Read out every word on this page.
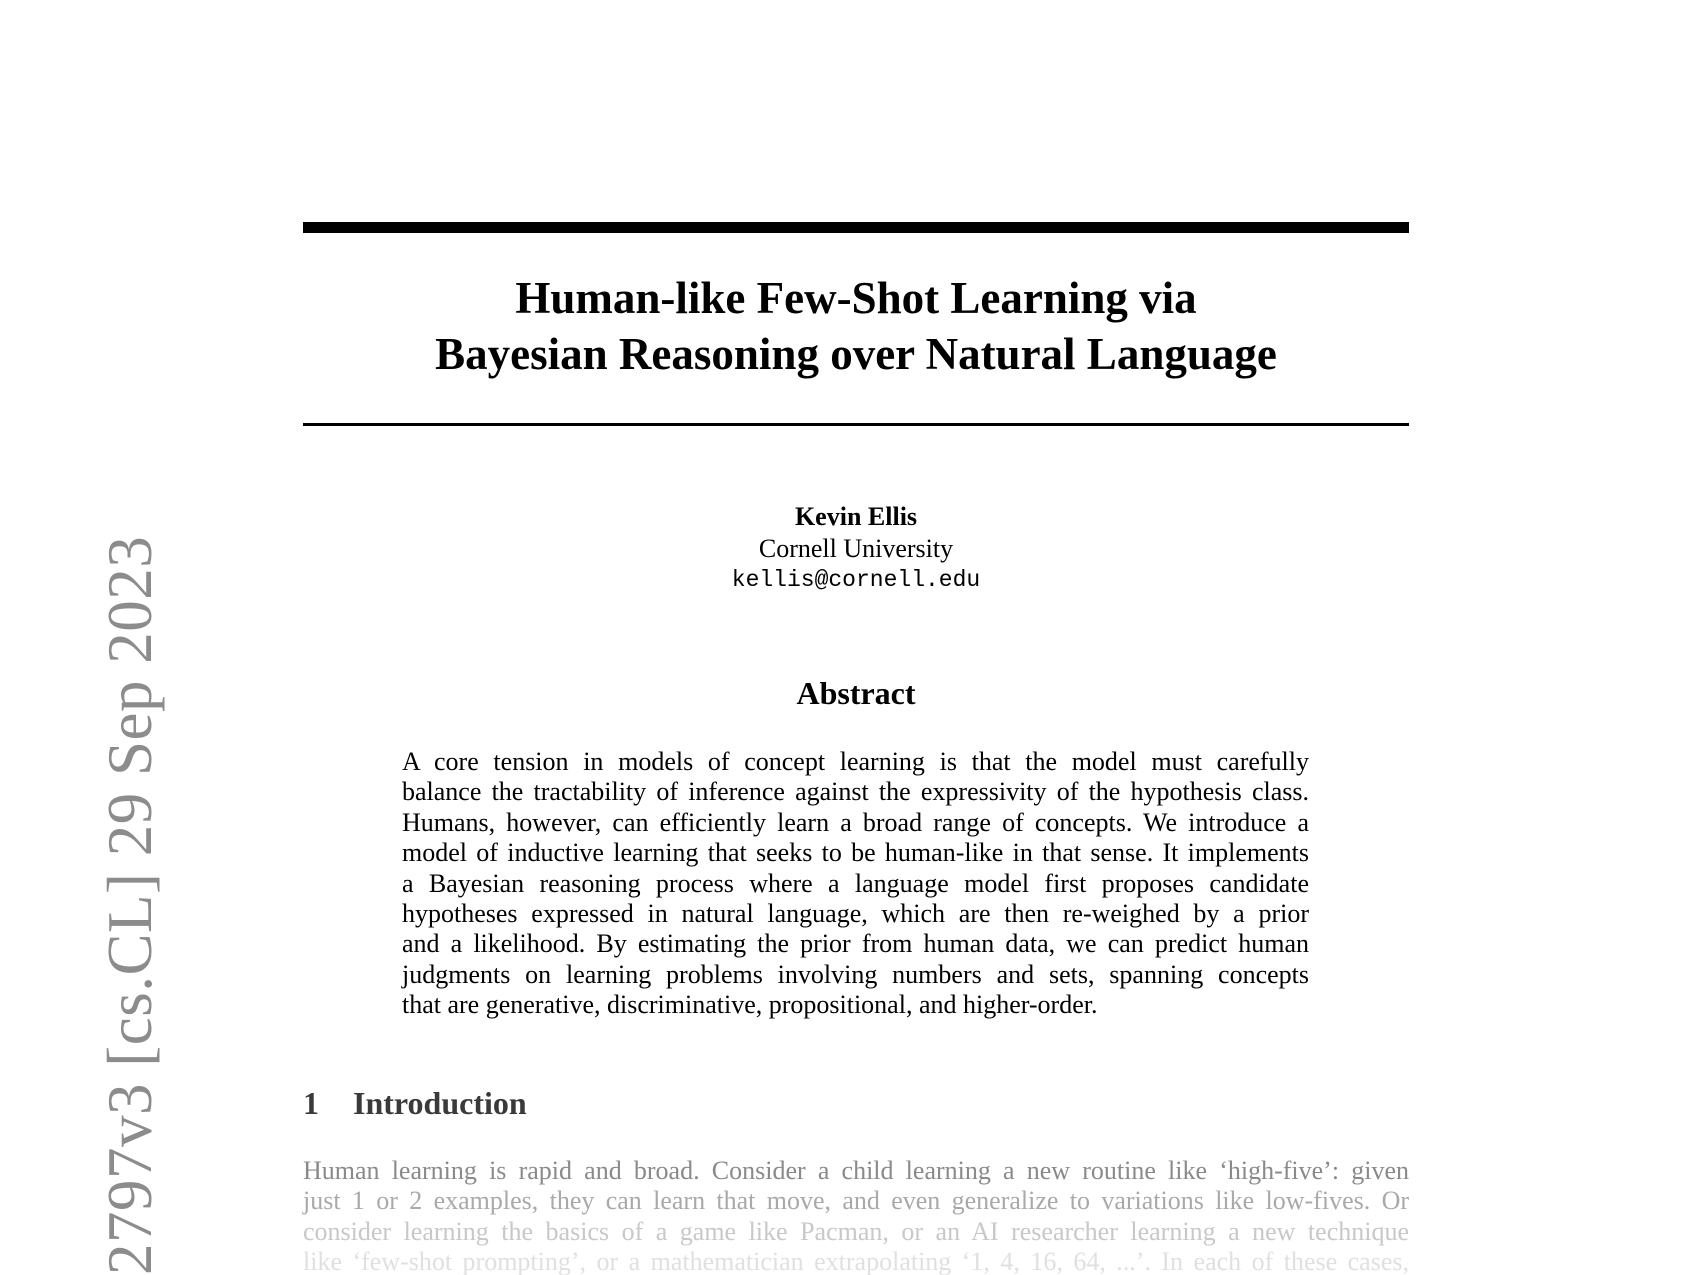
2797v3 [cs.CL] 29 Sep 2023
Human-like Few-Shot Learning via
Bayesian Reasoning over Natural Language
Kevin Ellis
Cornell University
kellis@cornell.edu
Abstract
A core tension in models of concept learning is that the model must carefully
balance the tractability of inference against the expressivity of the hypothesis class.
Humans, however, can efficiently learn a broad range of concepts. We introduce a
model of inductive learning that seeks to be human-like in that sense. It implements
a Bayesian reasoning process where a language model first proposes candidate
hypotheses expressed in natural language, which are then re-weighed by a prior
and a likelihood. By estimating the prior from human data, we can predict human
judgments on learning problems involving numbers and sets, spanning concepts
that are generative, discriminative, propositional, and higher-order.
1 Introduction
Human learning is rapid and broad. Consider a child learning a new routine like ‘high-five’: given
just 1 or 2 examples, they can learn that move, and even generalize to variations like low-fives. Or
consider learning the basics of a game like Pacman, or an AI researcher learning a new technique
like ‘few-shot prompting’, or a mathematician extrapolating ‘1, 4, 16, 64, ...’. In each of these cases,
